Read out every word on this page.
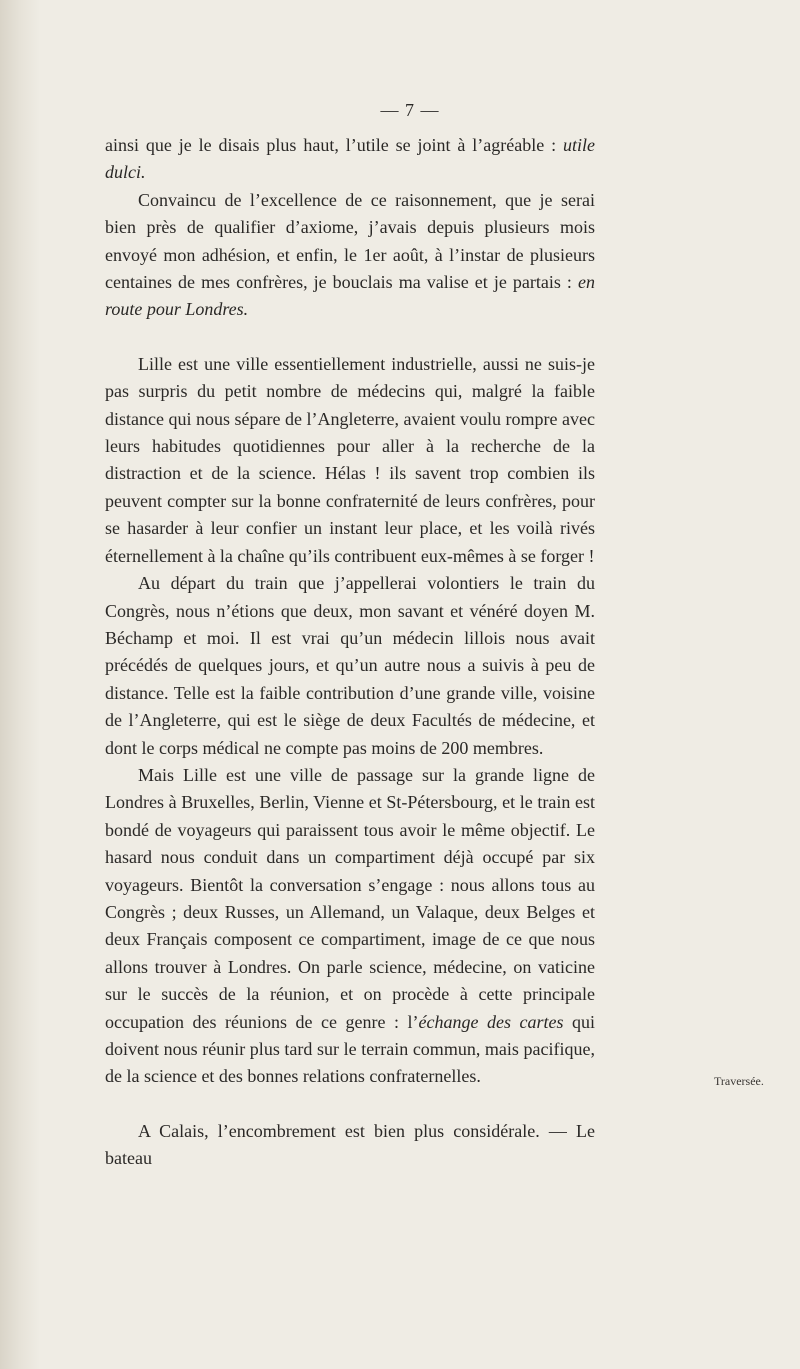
— 7 —

ainsi que je le disais plus haut, l’utile se joint à l’agréable : utile dulci.

Convaincu de l’excellence de ce raisonnement, que je serai bien près de qualifier d’axiome, j’avais depuis plusieurs mois envoyé mon adhésion, et enfin, le 1er août, à l’instar de plusieurs centaines de mes confrères, je bouclais ma valise et je partais : en route pour Londres.

Lille est une ville essentiellement industrielle, aussi ne suis-je pas surpris du petit nombre de médecins qui, malgré la faible distance qui nous sépare de l’Angleterre, avaient voulu rompre avec leurs habitudes quotidiennes pour aller à la recherche de la distraction et de la science. Hélas ! ils savent trop combien ils peuvent compter sur la bonne confraternité de leurs confrères, pour se hasarder à leur confier un instant leur place, et les voilà rivés éternellement à la chaîne qu’ils contribuent eux-mêmes à se forger !

Au départ du train que j’appellerai volontiers le train du Congrès, nous n’étions que deux, mon savant et vénéré doyen M. Béchamp et moi. Il est vrai qu’un médecin lillois nous avait précédés de quelques jours, et qu’un autre nous a suivis à peu de distance. Telle est la faible contribution d’une grande ville, voisine de l’Angleterre, qui est le siège de deux Facultés de médecine, et dont le corps médical ne compte pas moins de 200 membres.

Mais Lille est une ville de passage sur la grande ligne de Londres à Bruxelles, Berlin, Vienne et St-Pétersbourg, et le train est bondé de voyageurs qui paraissent tous avoir le même objectif. Le hasard nous conduit dans un compartiment déjà occupé par six voyageurs. Bientôt la conversation s’engage : nous allons tous au Congrès ; deux Russes, un Allemand, un Valaque, deux Belges et deux Français composent ce compartiment, image de ce que nous allons trouver à Londres. On parle science, médecine, on vaticine sur le succès de la réunion, et on procède à cette principale occupation des réunions de ce genre : l’échange des cartes qui doivent nous réunir plus tard sur le terrain commun, mais pacifique, de la science et des bonnes relations confraternelles.

A Calais, l’encombrement est bien plus considérale. — Le bateau

Traversée.
